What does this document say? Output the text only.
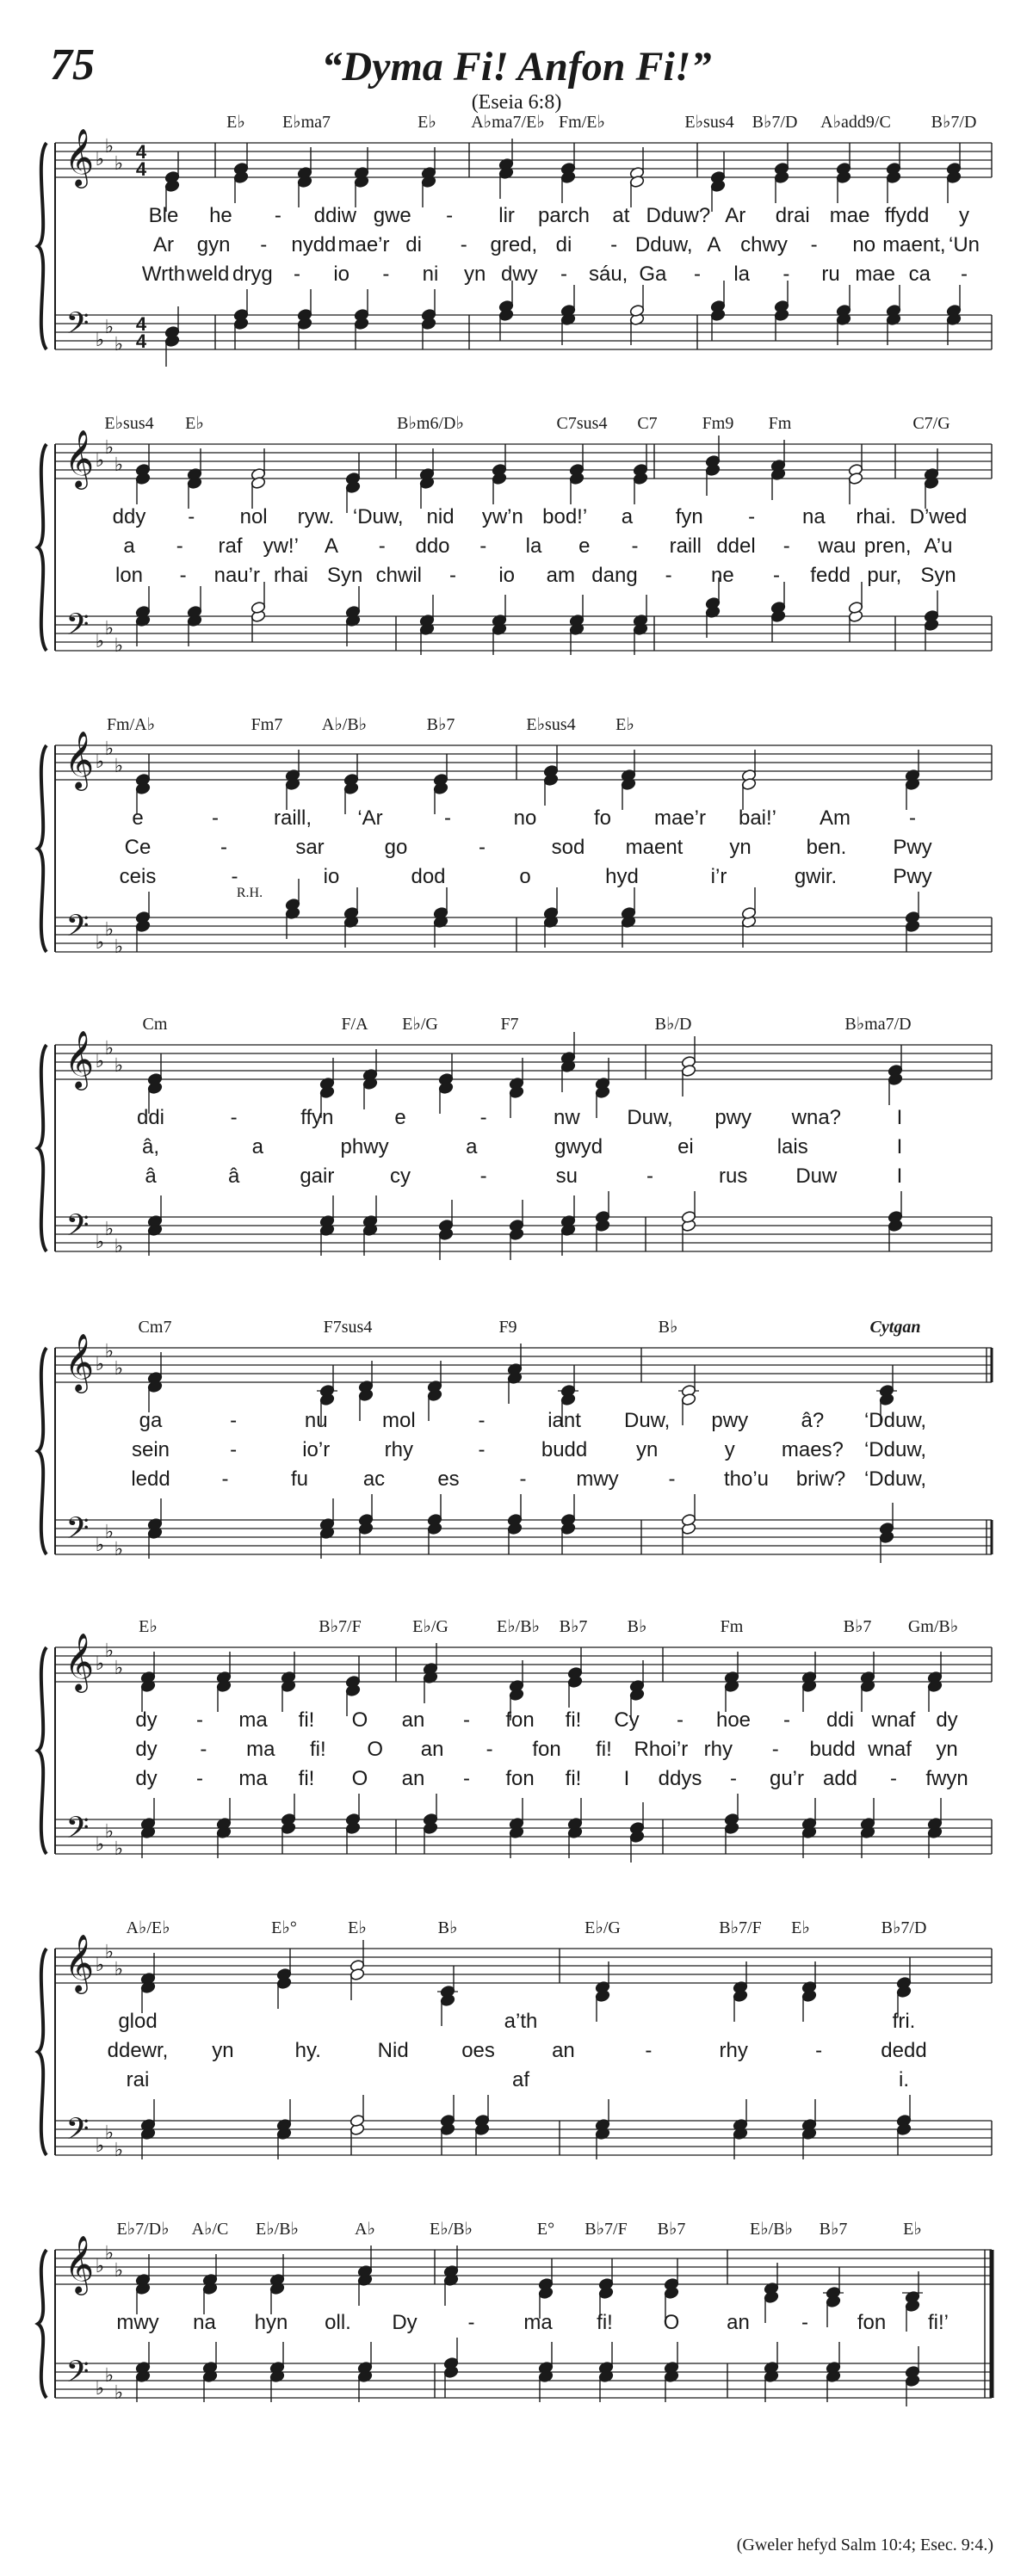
75	“Dyma Fi! Anfon Fi!”
(Eseia 6:8)
𝄞
𝄢
♭
♭
♭
♭
♭
♭
4
4
4
4
E♭ E♭ma7	E♭ A♭ma7/E♭ Fm/E♭	E♭sus4 B♭7/D A♭add9/C B♭7/D
Ble he - ddiw gwe - lir parch at Dduw? Ar drai mae ffydd y
Ar gyn - nydd mae’r di - gred, di - Dduw, A chwy - no maent, ‘Un
Wrth weld dryg - io - ni yn dwy - sáu, Ga - la - ru mae ca -
𝄞
𝄢
♭
♭
♭
♭
♭
♭
E♭sus4 E♭	B♭m6/D♭	C7sus4 C7	Fm9 Fm	C7/G
ddy - nol ryw. ‘Duw, nid yw’n bod!’ a fyn - na rhai. D’wed
a - raf yw!’ A - ddo - la e - raill ddel - wau pren, A’u
lon - nau’r rhai Syn chwil - io am dang - ne - fedd pur, Syn
𝄞
𝄢
♭
♭
♭
♭
♭
♭
Fm/A♭	Fm7 A♭/B♭	B♭7	E♭sus4 E♭
R.H.
e	-	raill, ‘Ar	-	no	fo mae’r bai!’ Am	-
Ce	-	sar	go	-	sod maent yn	ben. Pwy
ceis	-	io	dod	o	hyd	i’r	gwir.	Pwy
𝄞
𝄢
♭
♭
♭
♭
♭
♭
Cm	F/A E♭/G	F7	B♭/D	B♭ma7/D
ddi	-	ffyn	e	-	nw Duw, pwy wna?	I
â,	a	phwy	a	gwyd	ei	lais	I
â	â	gair	cy	-	su	-	rus Duw	I
𝄞
𝄢
♭
♭
♭
♭
♭
♭
Cm7	F7sus4	F9	B♭	Cytgan
ga	-	nu	mol	-	iant Duw, pwy	â? ‘Dduw,
sein	-	io’r	rhy	-	budd yn	y maes? ‘Dduw,
ledd -	fu	ac	es	- mwy - tho’u briw? ‘Dduw,
𝄞
𝄢
♭
♭
♭
♭
♭
♭
E♭	B♭7/F	E♭/G	E♭/B♭ B♭7 B♭	Fm	B♭7 Gm/B♭
dy - ma fi! O an - fon fi! Cy - hoe - ddi wnaf dy
dy - ma fi! O an - fon fi! Rhoi’r rhy - budd wnaf yn
dy - ma fi! O an - fon fi! I ddys - gu’r add - fwyn
𝄞
𝄢
♭
♭
♭
♭
♭
♭
A♭/E♭	E♭°	E♭	B♭	E♭/G	B♭7/F E♭	B♭7/D
glod	a’th	fri.
ddewr, yn	hy.	Nid	oes	an	-	rhy	-	dedd
rai	af	i.
𝄞
𝄢
♭
♭
♭
♭
♭
♭
E♭7/D♭ A♭/C E♭/B♭	A♭	E♭/B♭	E° B♭7/F B♭7	E♭/B♭ B♭7	E♭
mwy na hyn oll. Dy - ma fi! O an	- fon fi!’
(Gweler hefyd Salm 10:4; Esec. 9:4.)
